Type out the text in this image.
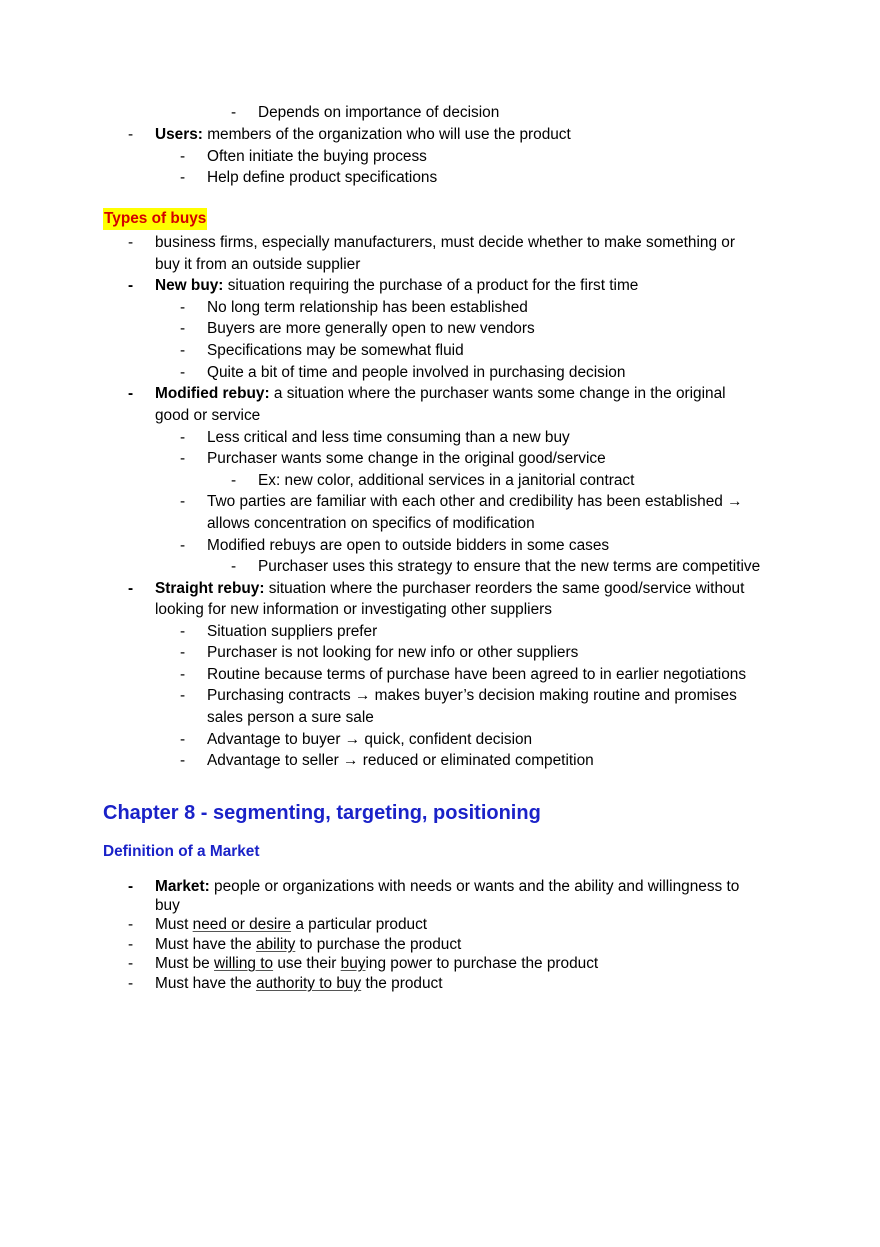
- Depends on importance of decision
- Users: members of the organization who will use the product
- Often initiate the buying process
- Help define product specifications
Types of buys
- business firms, especially manufacturers, must decide whether to make something or
buy it from an outside supplier
- New buy: situation requiring the purchase of a product for the first time
- No long term relationship has been established
- Buyers are more generally open to new vendors
- Specifications may be somewhat fluid
- Quite a bit of time and people involved in purchasing decision
- Modified rebuy: a situation where the purchaser wants some change in the original
good or service
- Less critical and less time consuming than a new buy
- Purchaser wants some change in the original good/service
- Ex: new color, additional services in a janitorial contract
- Two parties are familiar with each other and credibility has been established →
allows concentration on specifics of modification
- Modified rebuys are open to outside bidders in some cases
- Purchaser uses this strategy to ensure that the new terms are competitive
- Straight rebuy: situation where the purchaser reorders the same good/service without
looking for new information or investigating other suppliers
- Situation suppliers prefer
- Purchaser is not looking for new info or other suppliers
- Routine because terms of purchase have been agreed to in earlier negotiations
- Purchasing contracts → makes buyer’s decision making routine and promises
sales person a sure sale
- Advantage to buyer → quick, confident decision
- Advantage to seller → reduced or eliminated competition
Chapter 8 - segmenting, targeting, positioning
Definition of a Market
- Market: people or organizations with needs or wants and the ability and willingness to
buy
- Must need or desire a particular product
- Must have the ability to purchase the product
- Must be willing to use their buying power to purchase the product
- Must have the authority to buy the product
